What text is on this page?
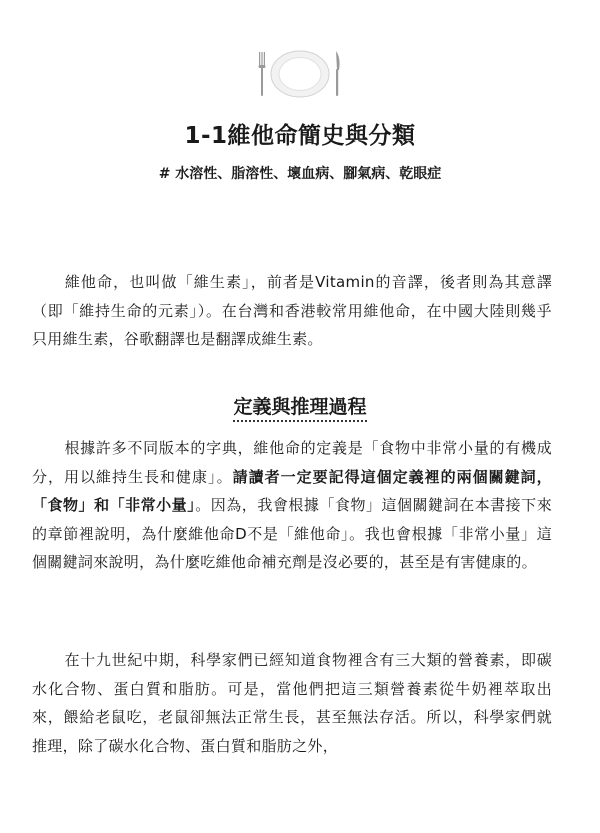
1-1維他命簡史與分類
# 水溶性、脂溶性、壞血病、腳氣病、乾眼症

維他命，也叫做「維生素」，前者是Vitamin的音譯，後者則為其意譯（即「維持生命的元素」）。在台灣和香港較常用維他命，在中國大陸則幾乎只用維生素，谷歌翻譯也是翻譯成維生素。

定義與推理過程

根據許多不同版本的字典，維他命的定義是「食物中非常小量的有機成分，用以維持生長和健康」。請讀者一定要記得這個定義裡的兩個關鍵詞，「食物」和「非常小量」。因為，我會根據「食物」這個關鍵詞在本書接下來的章節裡說明，為什麼維他命D不是「維他命」。我也會根據「非常小量」這個關鍵詞來說明，為什麼吃維他命補充劑是沒必要的，甚至是有害健康的。

在十九世紀中期，科學家們已經知道食物裡含有三大類的營養素，即碳水化合物、蛋白質和脂肪。可是，當他們把這三類營養素從牛奶裡萃取出來，餵給老鼠吃，老鼠卻無法正常生長，甚至無法存活。所以，科學家們就推理，除了碳水化合物、蛋白質和脂肪之外，
